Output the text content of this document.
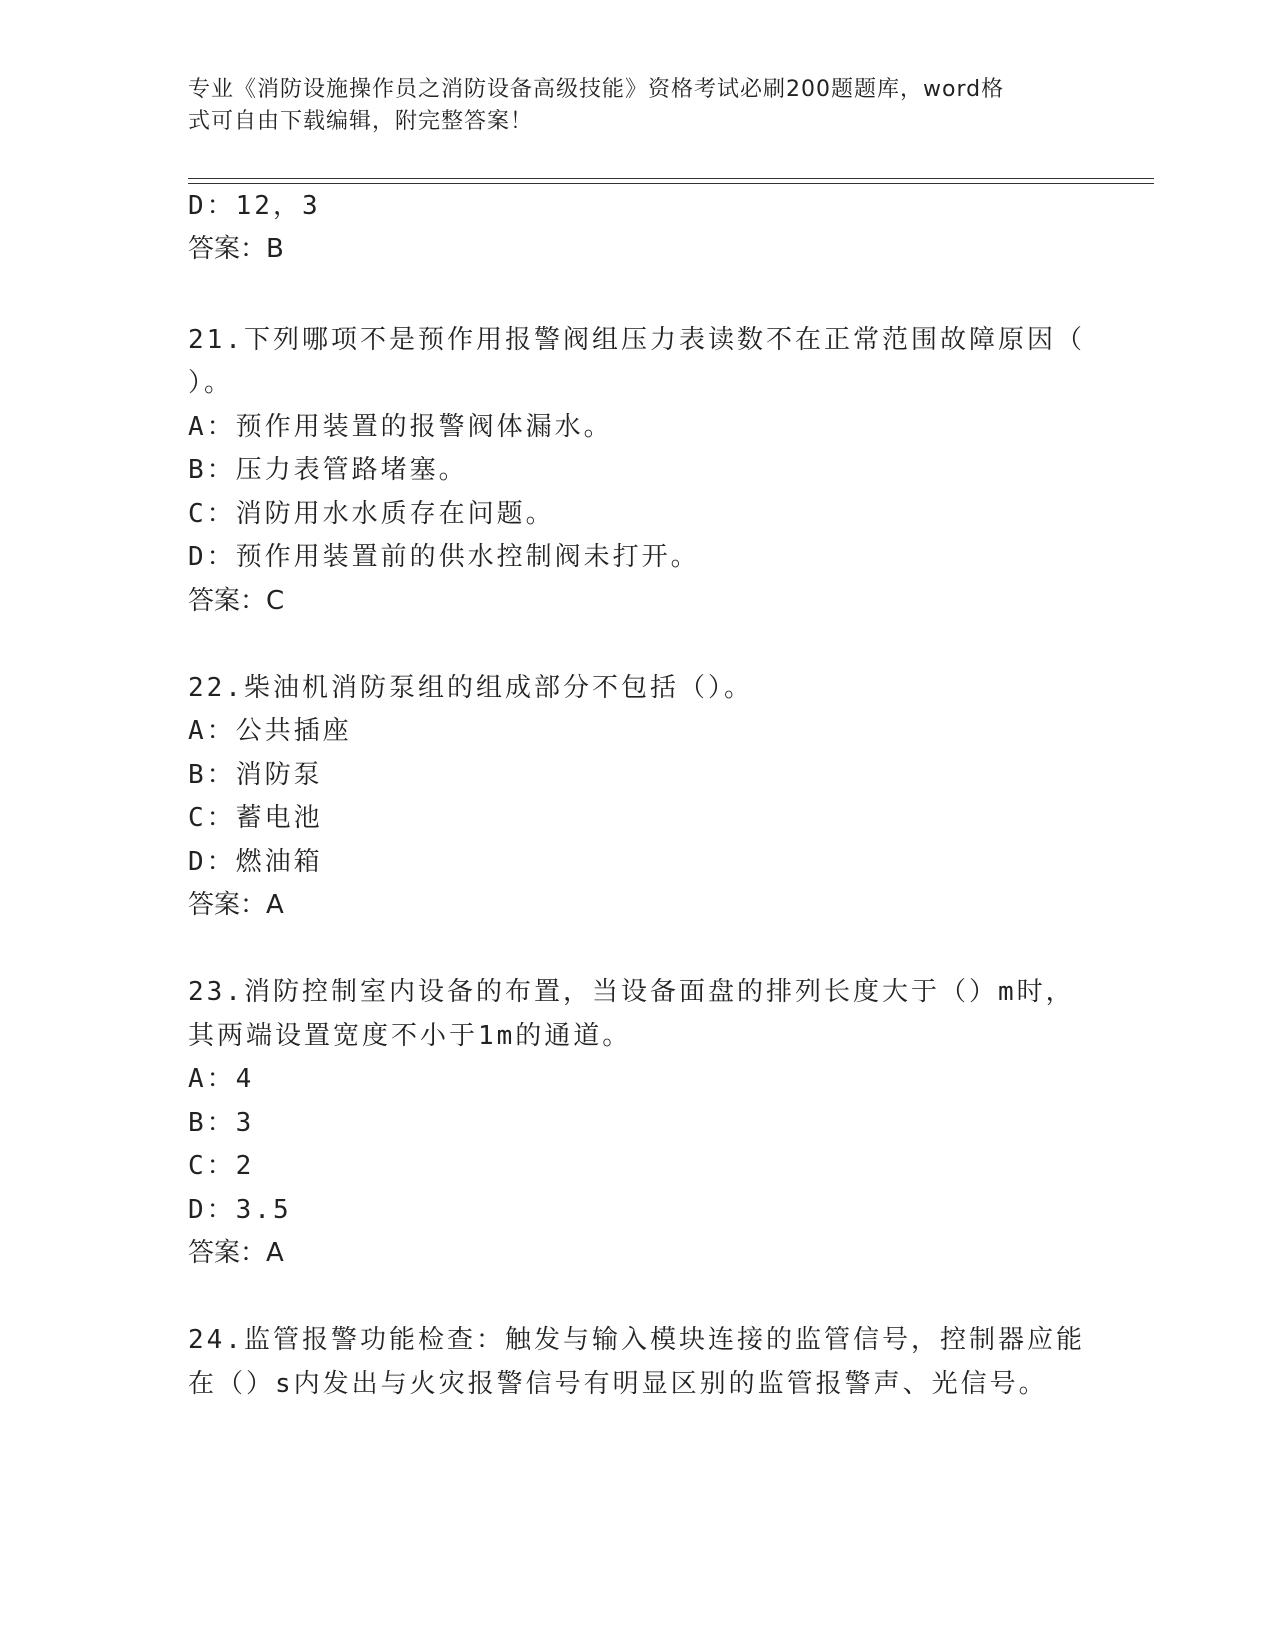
专业《消防设施操作员之消防设备高级技能》资格考试必刷200题题库，word格
式可自由下载编辑，附完整答案！
D：12，3
答案：B
21.下列哪项不是预作用报警阀组压力表读数不在正常范围故障原因（
）。
A：预作用装置的报警阀体漏水。
B：压力表管路堵塞。
C：消防用水水质存在问题。
D：预作用装置前的供水控制阀未打开。
答案：C
22.柴油机消防泵组的组成部分不包括（）。
A：公共插座
B：消防泵
C：蓄电池
D：燃油箱
答案：A
23.消防控制室内设备的布置，当设备面盘的排列长度大于（）m时，
其两端设置宽度不小于1m的通道。
A：4
B：3
C：2
D：3.5
答案：A
24.监管报警功能检查：触发与输入模块连接的监管信号，控制器应能
在（）s内发出与火灾报警信号有明显区别的监管报警声、光信号。
